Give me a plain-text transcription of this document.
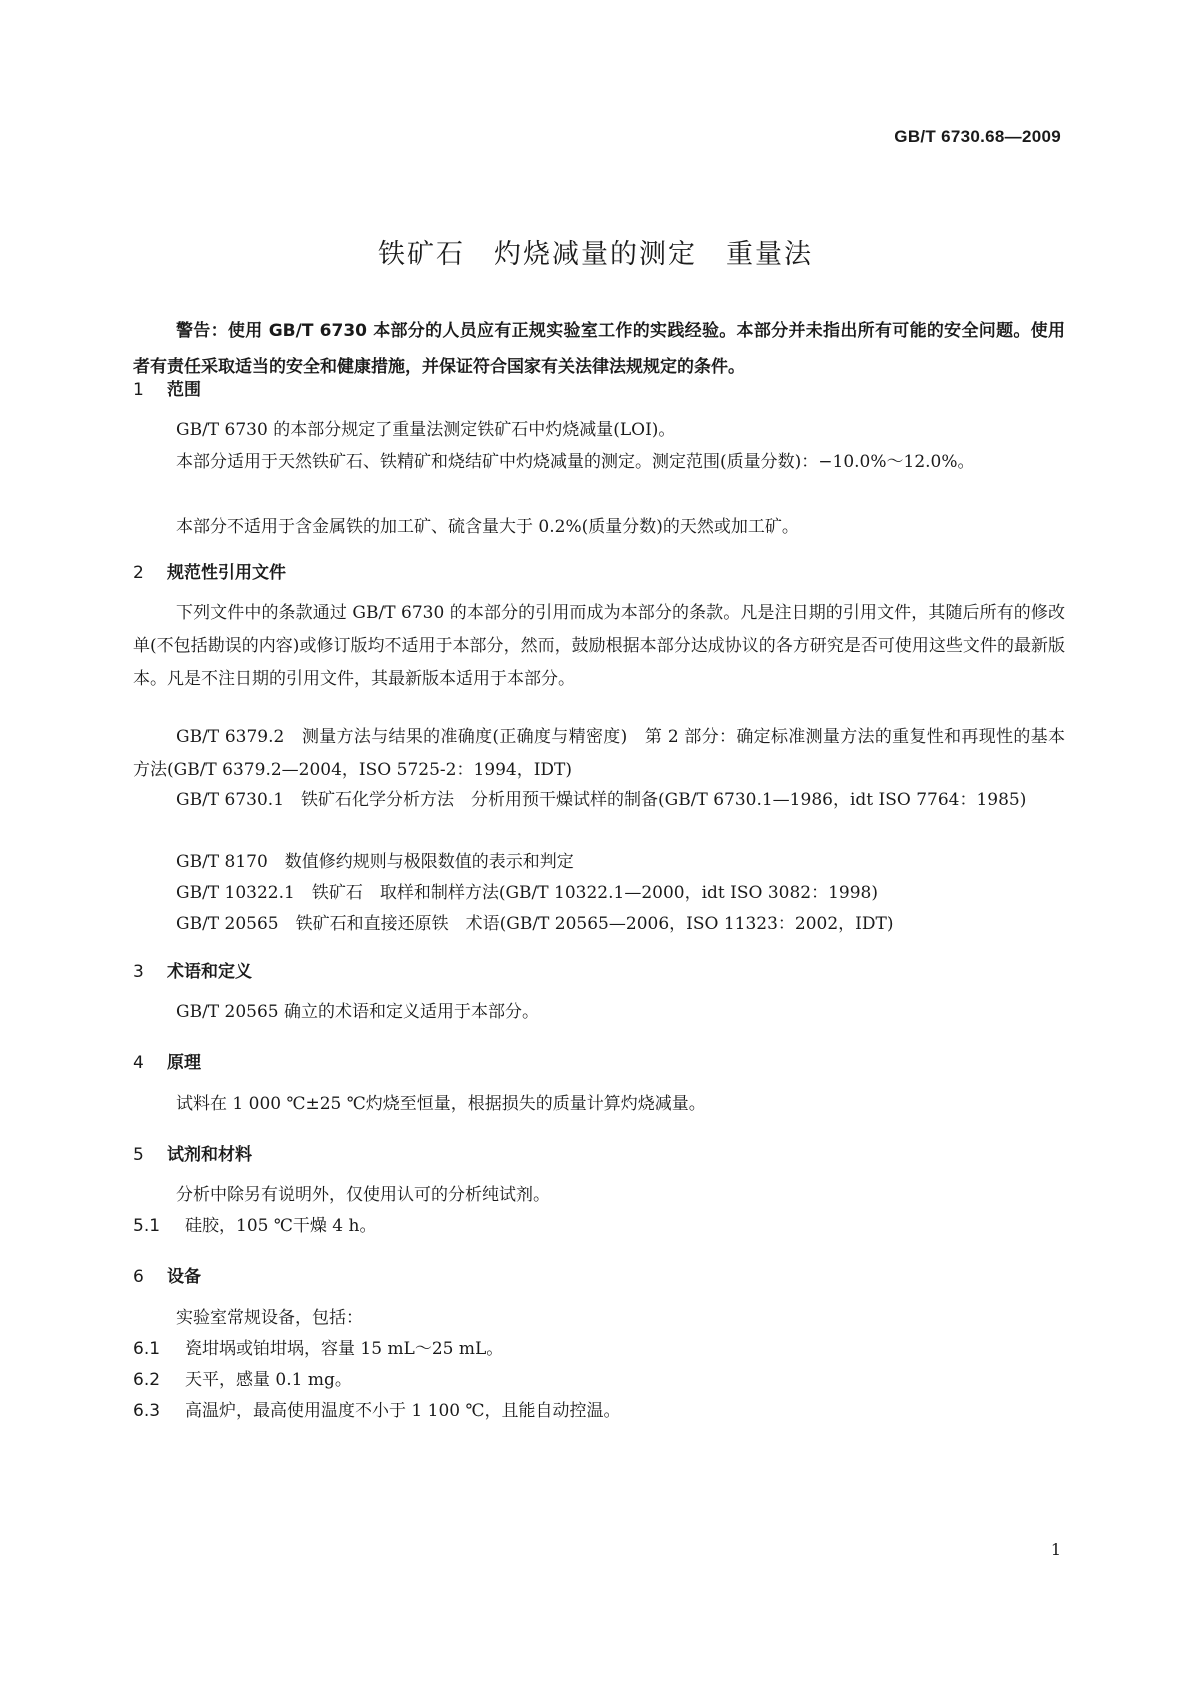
GB/T 6730.68—2009
铁矿石　灼烧减量的测定　重量法
警告：使用 GB/T 6730 本部分的人员应有正规实验室工作的实践经验。本部分并未指出所有可能的安全问题。使用者有责任采取适当的安全和健康措施，并保证符合国家有关法律法规规定的条件。
1 范围
GB/T 6730 的本部分规定了重量法测定铁矿石中灼烧减量(LOI)。
本部分适用于天然铁矿石、铁精矿和烧结矿中灼烧减量的测定。测定范围(质量分数)：−10.0%～12.0%。
本部分不适用于含金属铁的加工矿、硫含量大于 0.2%(质量分数)的天然或加工矿。
2 规范性引用文件
下列文件中的条款通过 GB/T 6730 的本部分的引用而成为本部分的条款。凡是注日期的引用文件，其随后所有的修改单(不包括勘误的内容)或修订版均不适用于本部分，然而，鼓励根据本部分达成协议的各方研究是否可使用这些文件的最新版本。凡是不注日期的引用文件，其最新版本适用于本部分。
GB/T 6379.2　测量方法与结果的准确度(正确度与精密度)　第 2 部分：确定标准测量方法的重复性和再现性的基本方法(GB/T 6379.2—2004，ISO 5725-2：1994，IDT)
GB/T 6730.1　铁矿石化学分析方法　分析用预干燥试样的制备(GB/T 6730.1—1986，idt ISO 7764：1985)
GB/T 8170　数值修约规则与极限数值的表示和判定
GB/T 10322.1　铁矿石　取样和制样方法(GB/T 10322.1—2000，idt ISO 3082：1998)
GB/T 20565　铁矿石和直接还原铁　术语(GB/T 20565—2006，ISO 11323：2002，IDT)
3 术语和定义
GB/T 20565 确立的术语和定义适用于本部分。
4 原理
试料在 1 000 ℃±25 ℃灼烧至恒量，根据损失的质量计算灼烧减量。
5 试剂和材料
分析中除另有说明外，仅使用认可的分析纯试剂。
5.1 硅胶，105 ℃干燥 4 h。
6 设备
实验室常规设备，包括：
6.1 瓷坩埚或铂坩埚，容量 15 mL～25 mL。
6.2 天平，感量 0.1 mg。
6.3 高温炉，最高使用温度不小于 1 100 ℃，且能自动控温。
1
